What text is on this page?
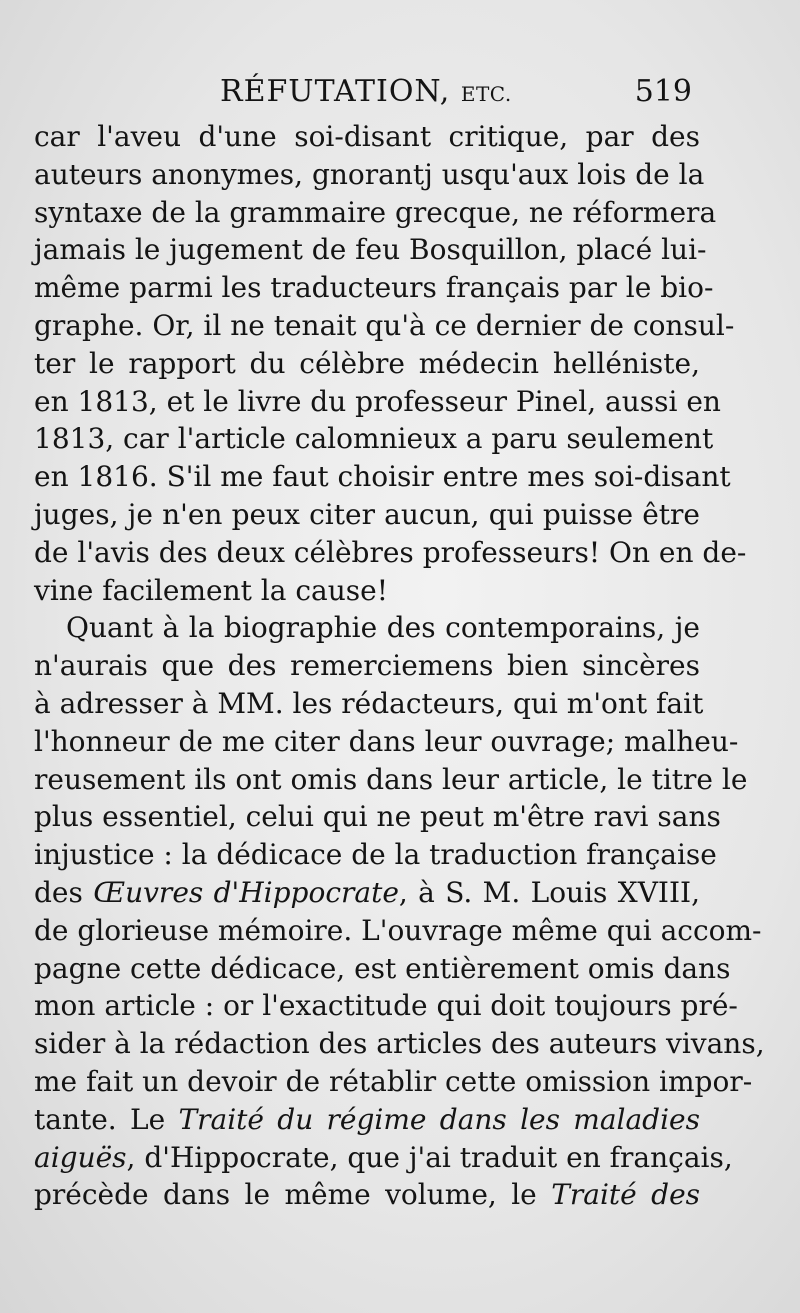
RÉFUTATION, ETC.	519
car l'aveu d'une soi-disant critique, par des
auteurs anonymes, gnorantj usqu'aux lois de la
syntaxe de la grammaire grecque, ne réformera
jamais le jugement de feu Bosquillon, placé lui-
même parmi les traducteurs français par le bio-
graphe. Or, il ne tenait qu'à ce dernier de consul-
ter le rapport du célèbre médecin helléniste,
en 1813, et le livre du professeur Pinel, aussi en
1813, car l'article calomnieux a paru seulement
en 1816. S'il me faut choisir entre mes soi-disant
juges, je n'en peux citer aucun, qui puisse être
de l'avis des deux célèbres professeurs! On en de-
vine facilement la cause!
Quant à la biographie des contemporains, je
n'aurais que des remerciemens bien sincères
à adresser à MM. les rédacteurs, qui m'ont fait
l'honneur de me citer dans leur ouvrage; malheu-
reusement ils ont omis dans leur article, le titre le
plus essentiel, celui qui ne peut m'être ravi sans
injustice : la dédicace de la traduction française
des Œuvres d'Hippocrate, à S. M. Louis XVIII,
de glorieuse mémoire. L'ouvrage même qui accom-
pagne cette dédicace, est entièrement omis dans
mon article : or l'exactitude qui doit toujours pré-
sider à la rédaction des articles des auteurs vivans,
me fait un devoir de rétablir cette omission impor-
tante. Le Traité du régime dans les maladies
aiguës, d'Hippocrate, que j'ai traduit en français,
précède dans le même volume, le Traité des
